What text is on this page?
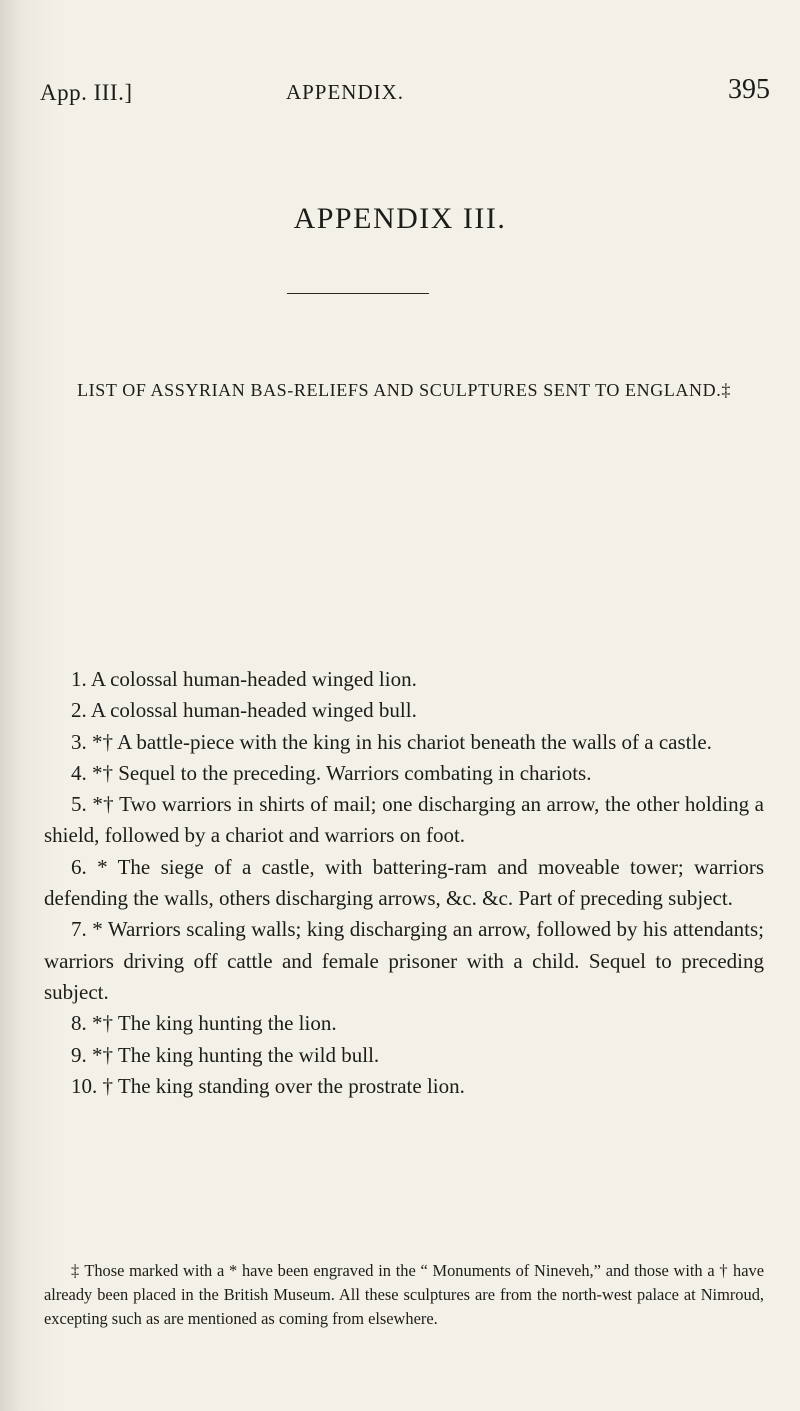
App. III.]	APPENDIX.	395
APPENDIX III.
LIST OF ASSYRIAN BAS-RELIEFS AND SCULPTURES SENT TO ENGLAND.‡
1. A colossal human-headed winged lion.
2. A colossal human-headed winged bull.
3. *† A battle-piece with the king in his chariot beneath the walls of a castle.
4. *† Sequel to the preceding. Warriors combating in chariots.
5. *† Two warriors in shirts of mail; one discharging an arrow, the other holding a shield, followed by a chariot and warriors on foot.
6. * The siege of a castle, with battering-ram and moveable tower; warriors defending the walls, others discharging arrows, &c. &c. Part of preceding subject.
7. * Warriors scaling walls; king discharging an arrow, followed by his attendants; warriors driving off cattle and female prisoner with a child. Sequel to preceding subject.
8. *† The king hunting the lion.
9. *† The king hunting the wild bull.
10. † The king standing over the prostrate lion.
‡ Those marked with a * have been engraved in the “ Monuments of Nineveh,” and those with a † have already been placed in the British Museum. All these sculptures are from the north-west palace at Nimroud, excepting such as are mentioned as coming from elsewhere.
